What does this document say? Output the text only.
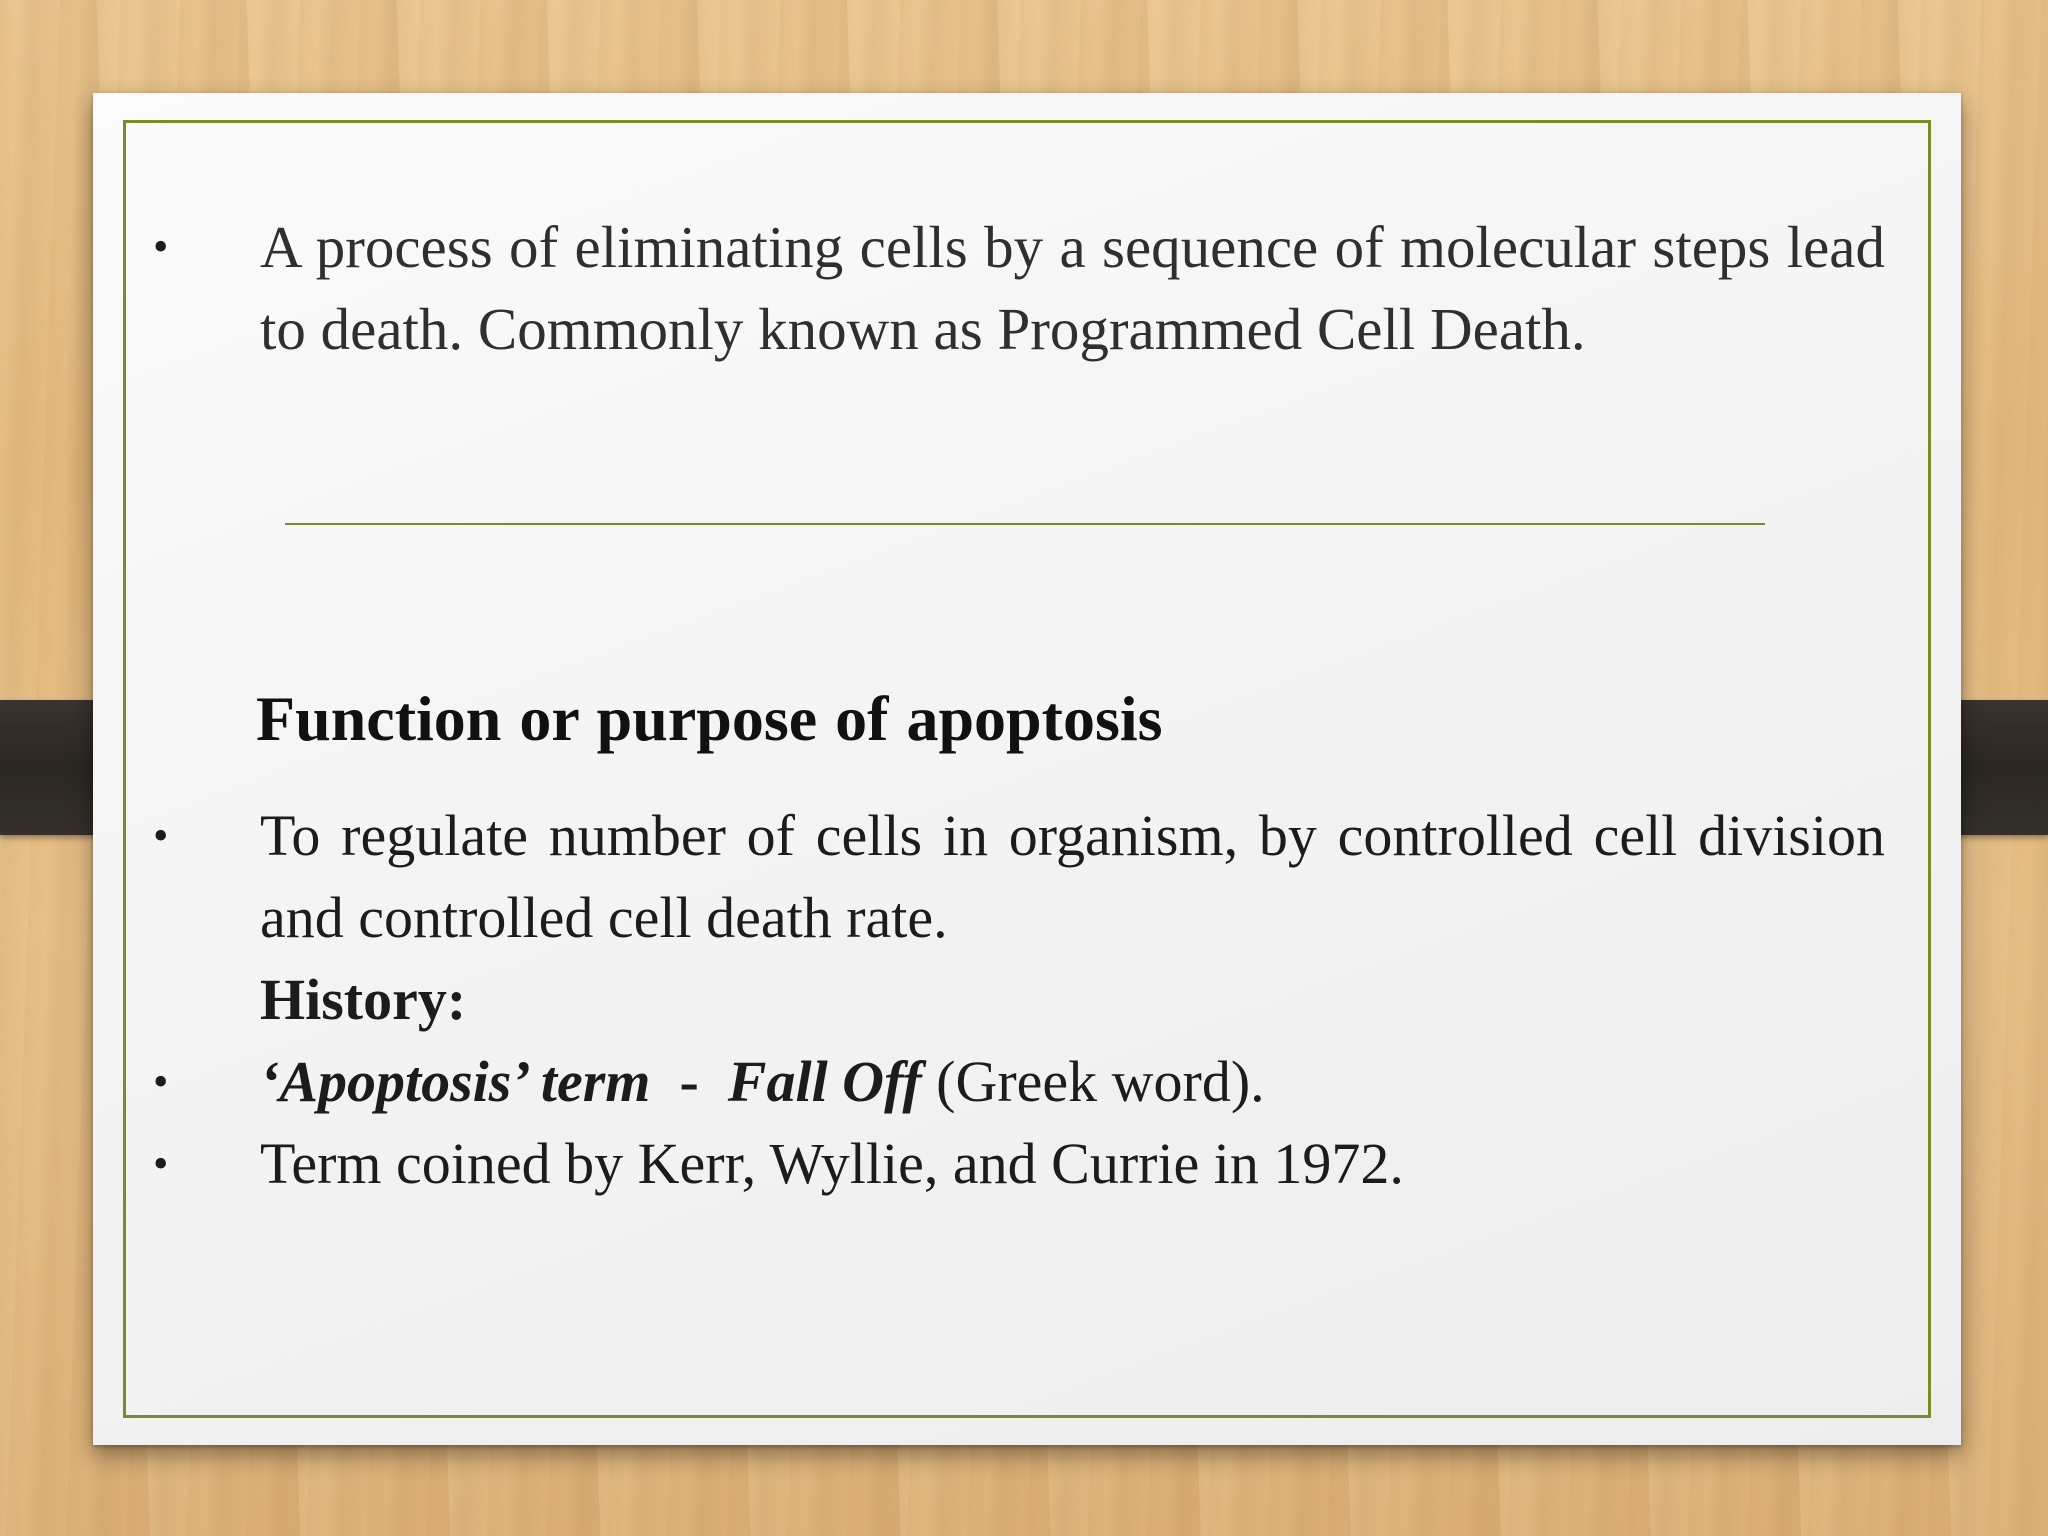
• A process of eliminating cells by a sequence of molecular steps lead to death. Commonly known as Programmed Cell Death.
Function or purpose of apoptosis
• To regulate number of cells in organism, by controlled cell division and controlled cell death rate.
History:
• ‘Apoptosis’ term  -  Fall Off (Greek word).
• Term coined by Kerr, Wyllie, and Currie in 1972.
